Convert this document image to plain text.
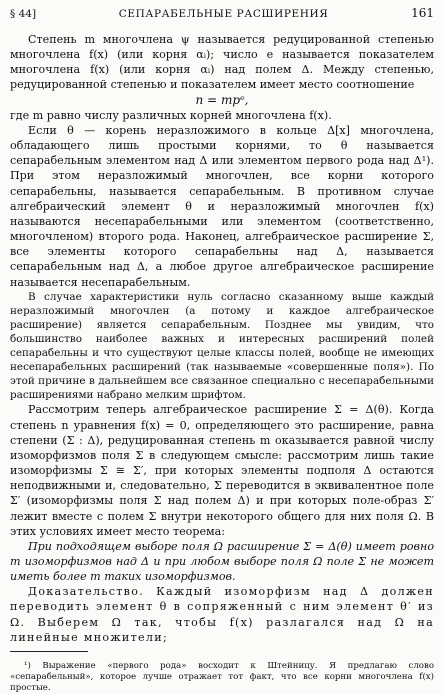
§ 44]	СЕПАРАБЕЛЬНЫЕ РАСШИРЕНИЯ	161

Степень m многочлена ψ называется редуцированной степенью многочлена f(x) (или корня αᵢ); число e называется показателем многочлена f(x) (или корня αᵢ) над полем Δ. Между степенью, редуцированной степенью и показателем имеет место соотношение

n = mpᵉ,

где m равно числу различных корней многочлена f(x).

Если θ — корень неразложимого в кольце Δ[x] многочлена, обладающего лишь простыми корнями, то θ называется сепарабельным элементом над Δ или элементом первого рода над Δ¹). При этом неразложимый многочлен, все корни которого сепарабельны, называется сепарабельным. В противном случае алгебраический элемент θ и неразложимый многочлен f(x) называются несепарабельными или элементом (соответственно, многочленом) второго рода. Наконец, алгебраическое расширение Σ, все элементы которого сепарабельны над Δ, называется сепарабельным над Δ, а любое другое алгебраическое расширение называется несепарабельным.

В случае характеристики нуль согласно сказанному выше каждый неразложимый многочлен (а потому и каждое алгебраическое расширение) является сепарабельным. Позднее мы увидим, что большинство наиболее важных и интересных расширений полей сепарабельны и что существуют целые классы полей, вообще не имеющих несепарабельных расширений (так называемые «совершенные поля»). По этой причине в дальнейшем все связанное специально с несепарабельными расширениями набрано мелким шрифтом.

Рассмотрим теперь алгебраическое расширение Σ = Δ(θ). Когда степень n уравнения f(x) = 0, определяющего это расширение, равна степени (Σ : Δ), редуцированная степень m оказывается равной числу изоморфизмов поля Σ в следующем смысле: рассмотрим лишь такие изоморфизмы Σ ≅ Σ′, при которых элементы подполя Δ остаются неподвижными и, следовательно, Σ переводится в эквивалентное поле Σ′ (изоморфизмы поля Σ над полем Δ) и при которых поле-образ Σ′ лежит вместе с полем Σ внутри некоторого общего для них поля Ω. В этих условиях имеет место теорема:

При подходящем выборе поля Ω расширение Σ = Δ(θ) имеет ровно m изоморфизмов над Δ и при любом выборе поля Ω поле Σ не может иметь более m таких изоморфизмов.

Доказательство. Каждый изоморфизм над Δ должен переводить элемент θ в сопряженный с ним элемент θ′ из Ω. Выберем Ω так, чтобы f(x) разлагался над Ω на линейные множители;

¹) Выражение «первого рода» восходит к Штейницу. Я предлагаю слово «сепарабельный», которое лучше отражает тот факт, что все корни многочлена f(x) простые.
